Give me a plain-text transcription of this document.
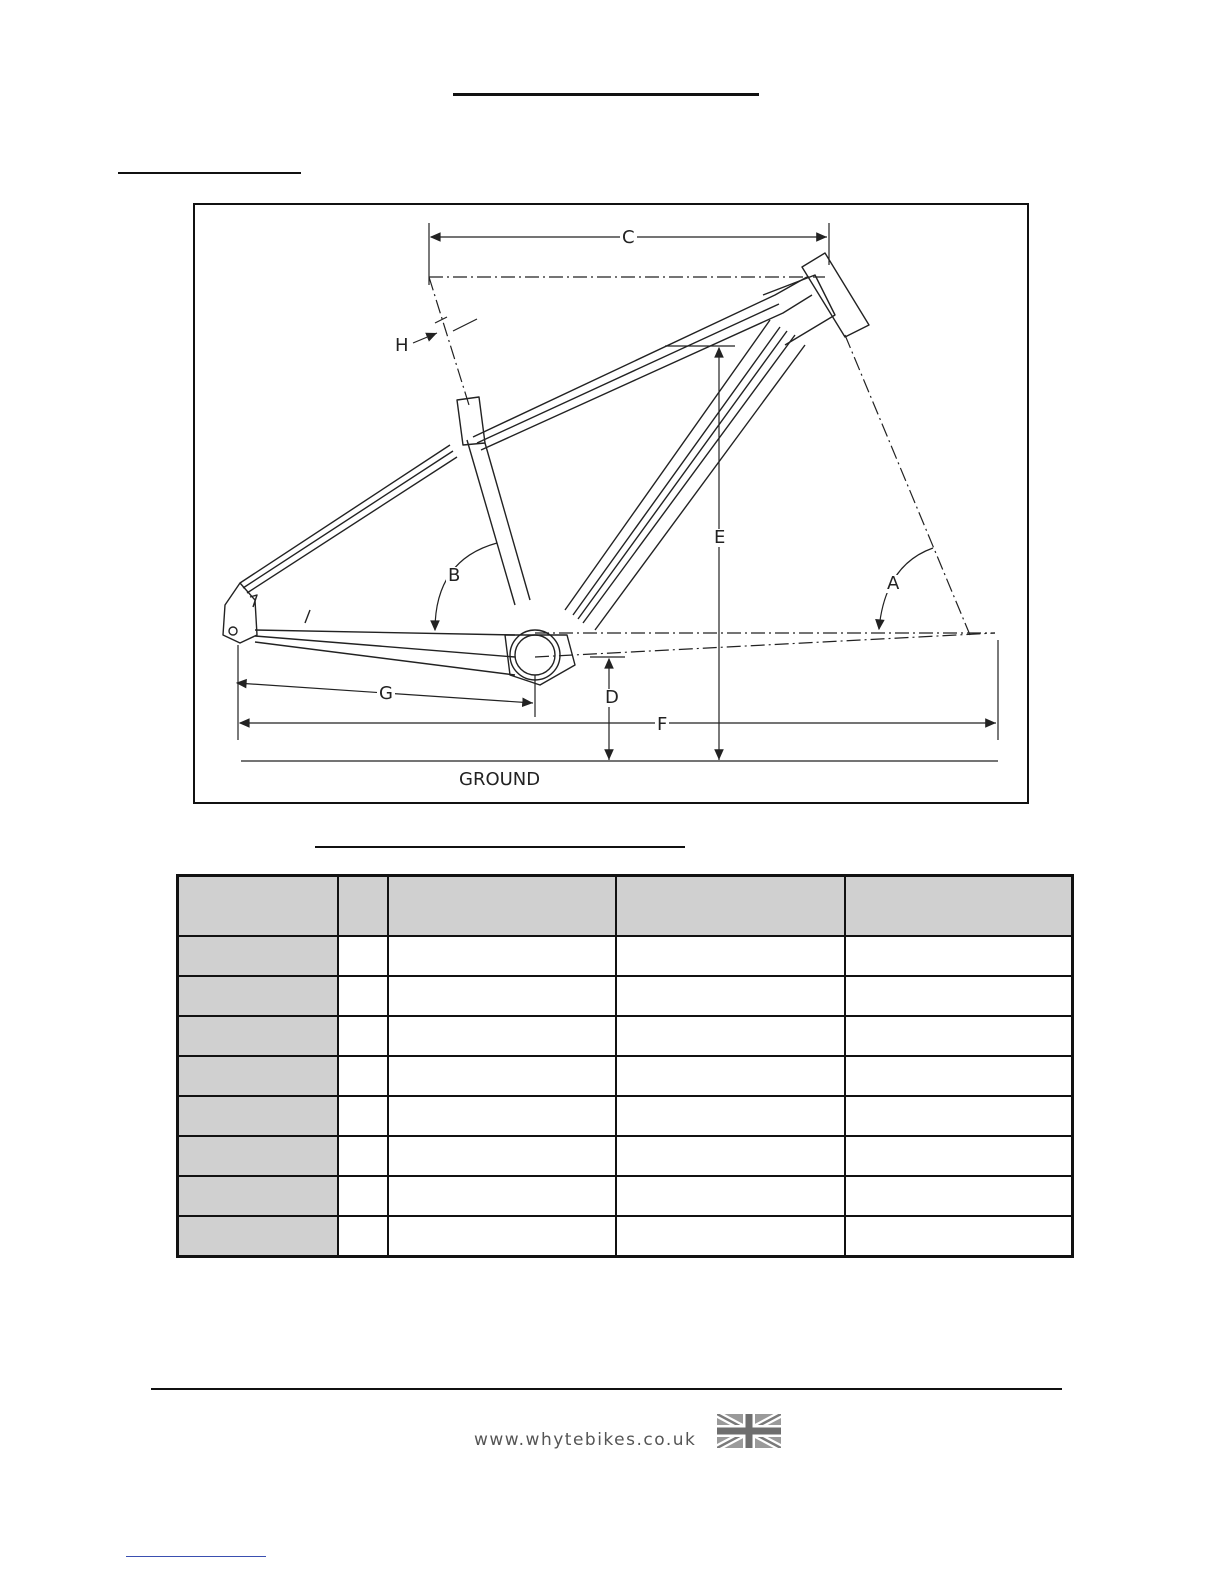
C
H
E
B	A
D
G
F
GROUND

www.whytebikes.co.uk
